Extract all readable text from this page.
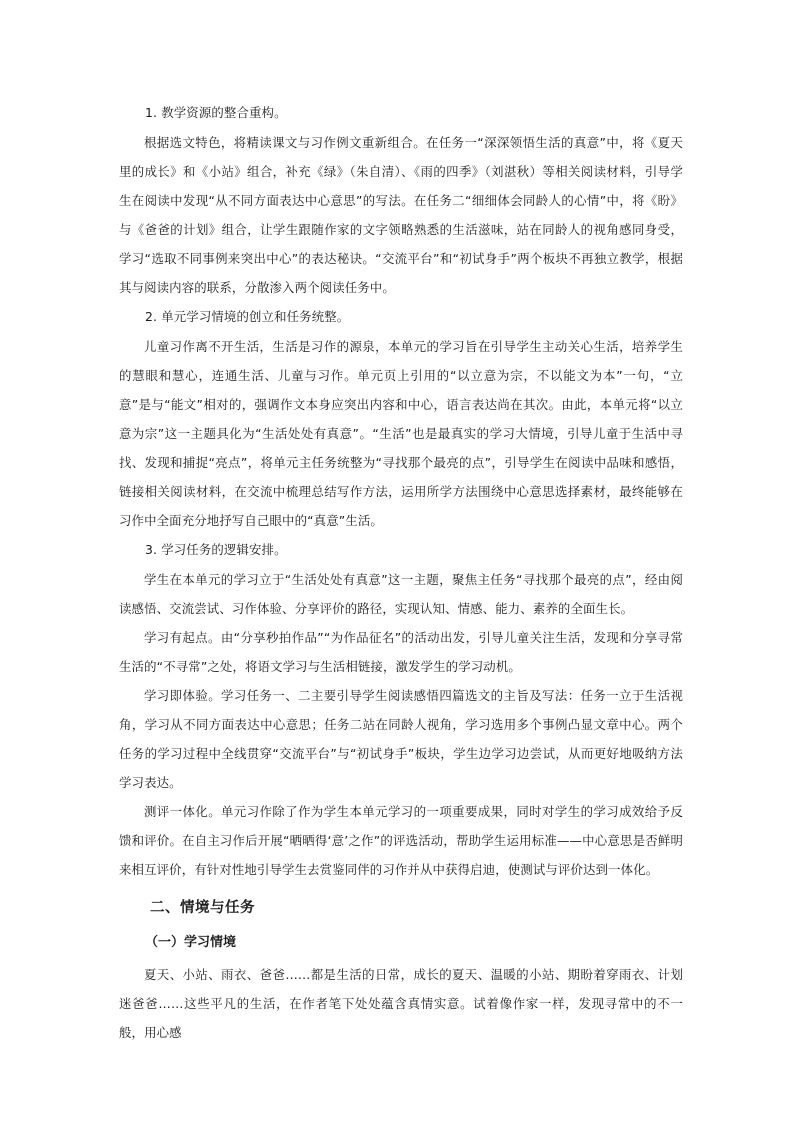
1. 教学资源的整合重构。

根据选文特色，将精读课文与习作例文重新组合。在任务一“深深领悟生活的真意”中，将《夏天里的成长》和《小站》组合，补充《绿》（朱自清）、《雨的四季》（刘湛秋）等相关阅读材料，引导学生在阅读中发现“从不同方面表达中心意思”的写法。在任务二“细细体会同龄人的心情”中，将《盼》与《爸爸的计划》组合，让学生跟随作家的文字领略熟悉的生活滋味，站在同龄人的视角感同身受，学习“选取不同事例来突出中心”的表达秘诀。“交流平台”和“初试身手”两个板块不再独立教学，根据其与阅读内容的联系，分散渗入两个阅读任务中。

2. 单元学习情境的创立和任务统整。

儿童习作离不开生活，生活是习作的源泉，本单元的学习旨在引导学生主动关心生活，培养学生的慧眼和慧心，连通生活、儿童与习作。单元页上引用的“以立意为宗，不以能文为本”一句，“立意”是与“能文”相对的，强调作文本身应突出内容和中心，语言表达尚在其次。由此，本单元将“以立意为宗”这一主题具化为“生活处处有真意”。“生活”也是最真实的学习大情境，引导儿童于生活中寻找、发现和捕捉“亮点”，将单元主任务统整为“寻找那个最亮的点”，引导学生在阅读中品味和感悟，链接相关阅读材料，在交流中梳理总结写作方法，运用所学方法围绕中心意思选择素材，最终能够在习作中全面充分地抒写自己眼中的“真意”生活。

3. 学习任务的逻辑安排。

学生在本单元的学习立于“生活处处有真意”这一主题，聚焦主任务“寻找那个最亮的点”，经由阅读感悟、交流尝试、习作体验、分享评价的路径，实现认知、情感、能力、素养的全面生长。

学习有起点。由“分享秒拍作品”“为作品征名”的活动出发，引导儿童关注生活，发现和分享寻常生活的“不寻常”之处，将语文学习与生活相链接，激发学生的学习动机。

学习即体验。学习任务一、二主要引导学生阅读感悟四篇选文的主旨及写法：任务一立于生活视角，学习从不同方面表达中心意思；任务二站在同龄人视角，学习选用多个事例凸显文章中心。两个任务的学习过程中全线贯穿“交流平台”与“初试身手”板块，学生边学习边尝试，从而更好地吸纳方法学习表达。

测评一体化。单元习作除了作为学生本单元学习的一项重要成果，同时对学生的学习成效给予反馈和评价。在自主习作后开展“晒晒得‘意’之作”的评选活动，帮助学生运用标准——中心意思是否鲜明来相互评价，有针对性地引导学生去赏鉴同伴的习作并从中获得启迪，使测试与评价达到一体化。

二、情境与任务
（一）学习情境

夏天、小站、雨衣、爸爸……都是生活的日常，成长的夏天、温暖的小站、期盼着穿雨衣、计划迷爸爸……这些平凡的生活，在作者笔下处处蕴含真情实意。试着像作家一样，发现寻常中的不一般，用心感
